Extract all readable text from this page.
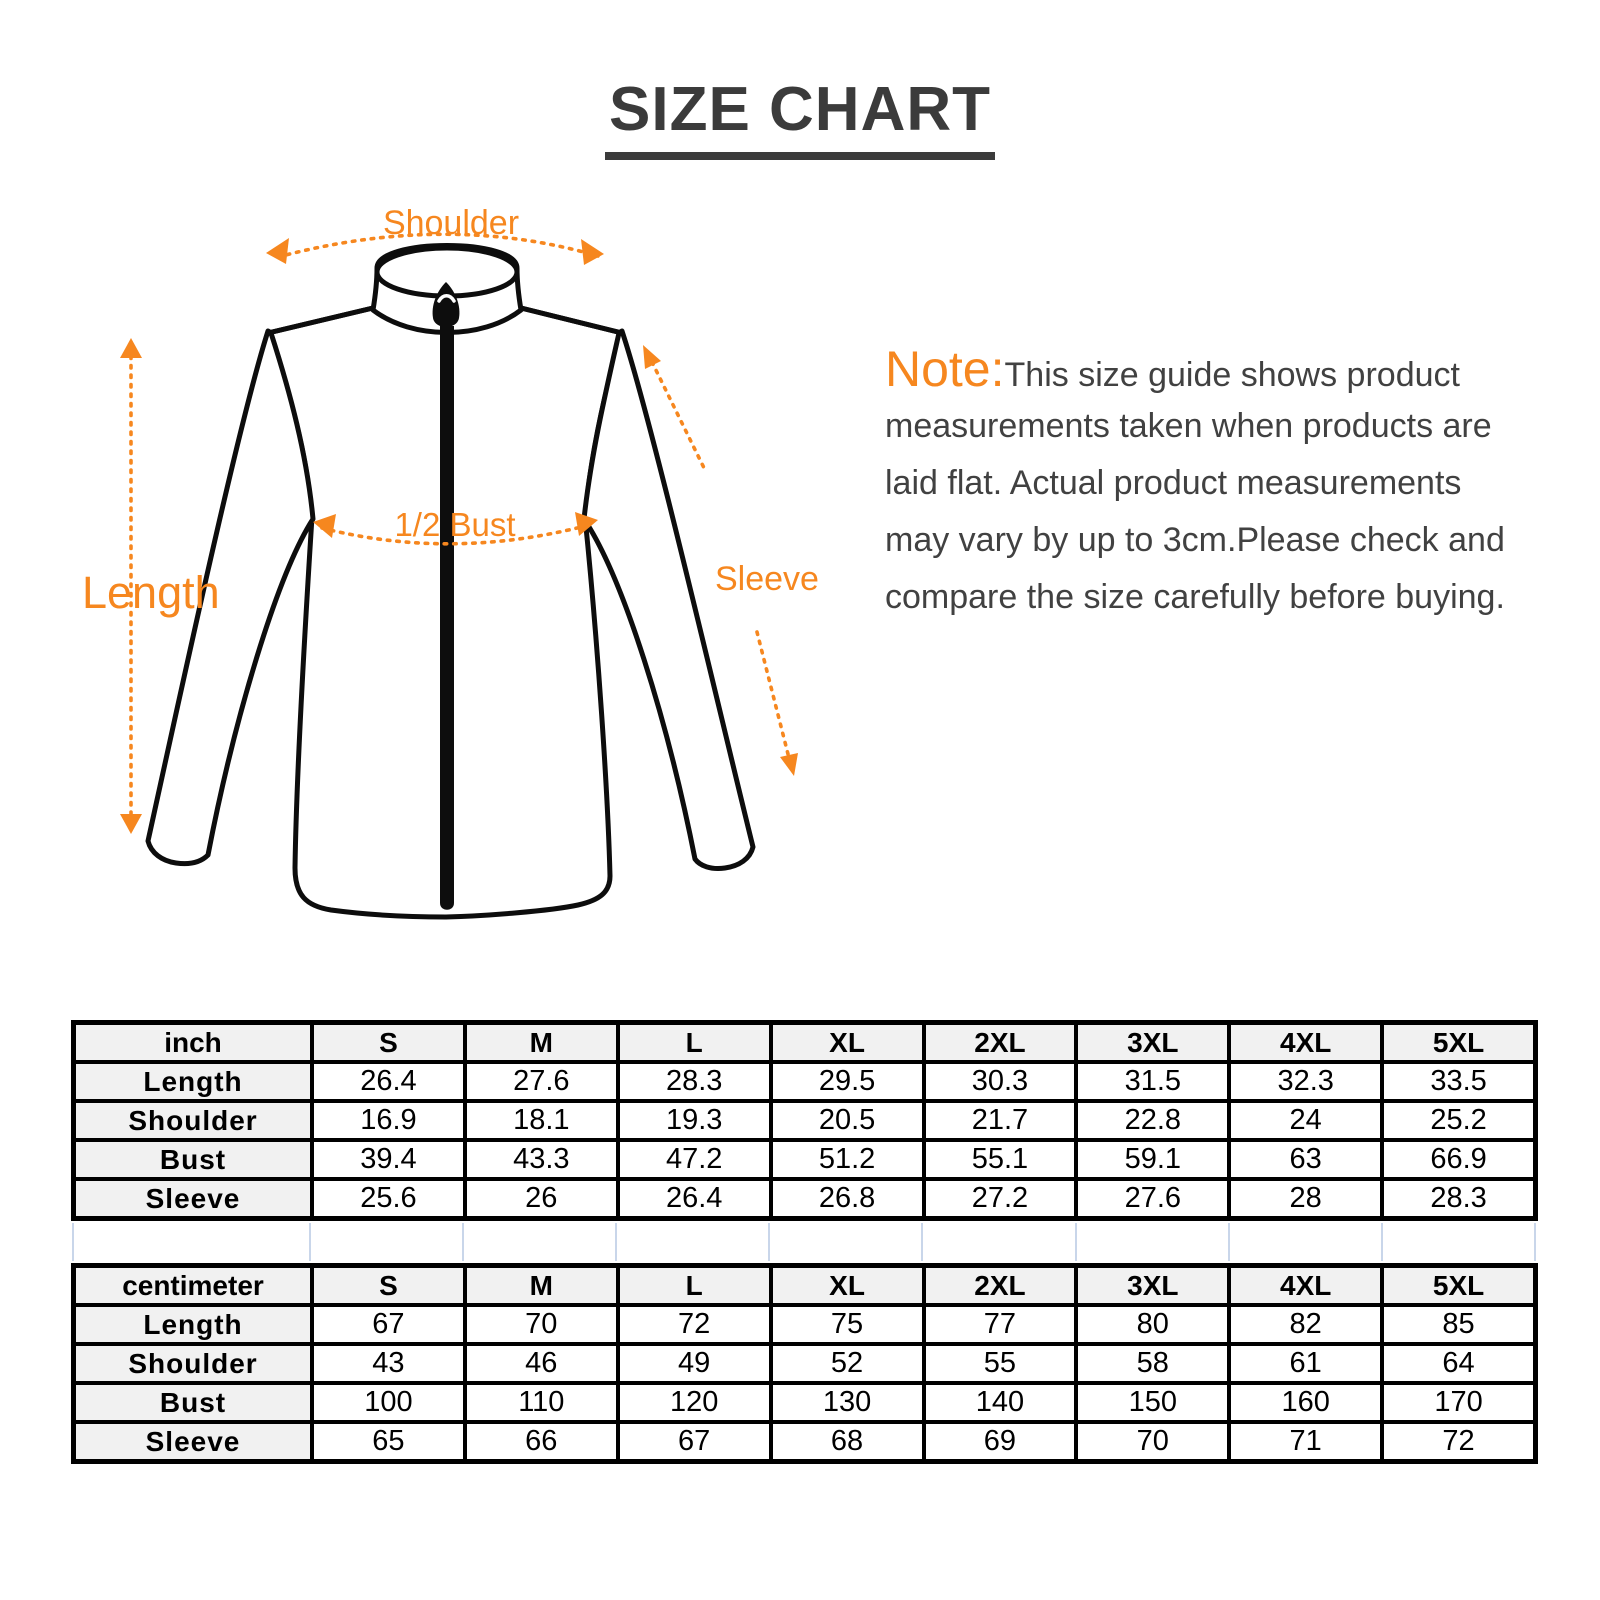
SIZE CHART
Shoulder
Length
1/2 Bust
Sleeve
Note:This size guide shows product
measurements taken when products are
laid flat. Actual product measurements
may vary by up to 3cm.Please check and
compare the size carefully before buying.
inch	S	M	L	XL	2XL	3XL	4XL	5XL
Length	26.4	27.6	28.3	29.5	30.3	31.5	32.3	33.5
Shoulder	16.9	18.1	19.3	20.5	21.7	22.8	24	25.2
Bust	39.4	43.3	47.2	51.2	55.1	59.1	63	66.9
Sleeve	25.6	26	26.4	26.8	27.2	27.6	28	28.3
centimeter	S	M	L	XL	2XL	3XL	4XL	5XL
Length	67	70	72	75	77	80	82	85
Shoulder	43	46	49	52	55	58	61	64
Bust	100	110	120	130	140	150	160	170
Sleeve	65	66	67	68	69	70	71	72
